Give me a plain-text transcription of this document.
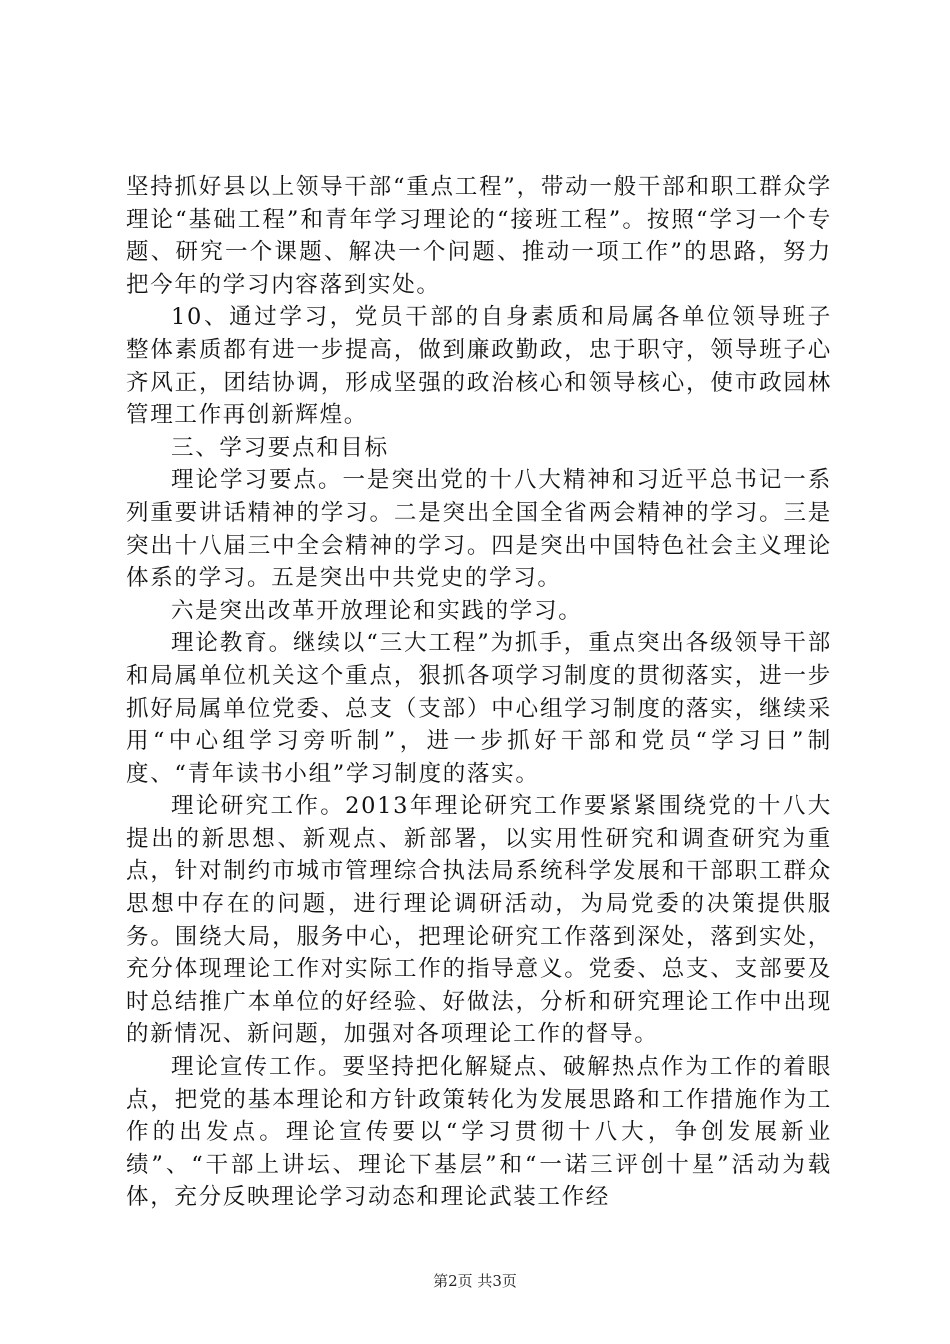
坚持抓好县以上领导干部“重点工程”，带动一般干部和职工群众学理论“基础工程”和青年学习理论的“接班工程”。按照“学习一个专题、研究一个课题、解决一个问题、推动一项工作”的思路，努力把今年的学习内容落到实处。

10、通过学习，党员干部的自身素质和局属各单位领导班子整体素质都有进一步提高，做到廉政勤政，忠于职守，领导班子心齐风正，团结协调，形成坚强的政治核心和领导核心，使市政园林管理工作再创新辉煌。

三、学习要点和目标

理论学习要点。一是突出党的十八大精神和习近平总书记一系列重要讲话精神的学习。二是突出全国全省两会精神的学习。三是突出十八届三中全会精神的学习。四是突出中国特色社会主义理论体系的学习。五是突出中共党史的学习。

六是突出改革开放理论和实践的学习。

理论教育。继续以“三大工程”为抓手，重点突出各级领导干部和局属单位机关这个重点，狠抓各项学习制度的贯彻落实，进一步抓好局属单位党委、总支（支部）中心组学习制度的落实，继续采用“中心组学习旁听制”，进一步抓好干部和党员“学习日”制度、“青年读书小组”学习制度的落实。

理论研究工作。2013年理论研究工作要紧紧围绕党的十八大提出的新思想、新观点、新部署，以实用性研究和调查研究为重点，针对制约市城市管理综合执法局系统科学发展和干部职工群众思想中存在的问题，进行理论调研活动，为局党委的决策提供服务。围绕大局，服务中心，把理论研究工作落到深处，落到实处，充分体现理论工作对实际工作的指导意义。党委、总支、支部要及时总结推广本单位的好经验、好做法，分析和研究理论工作中出现的新情况、新问题，加强对各项理论工作的督导。

理论宣传工作。要坚持把化解疑点、破解热点作为工作的着眼点，把党的基本理论和方针政策转化为发展思路和工作措施作为工作的出发点。理论宣传要以“学习贯彻十八大，争创发展新业绩”、“干部上讲坛、理论下基层”和“一诺三评创十星”活动为载体，充分反映理论学习动态和理论武装工作经

第2页 共3页
